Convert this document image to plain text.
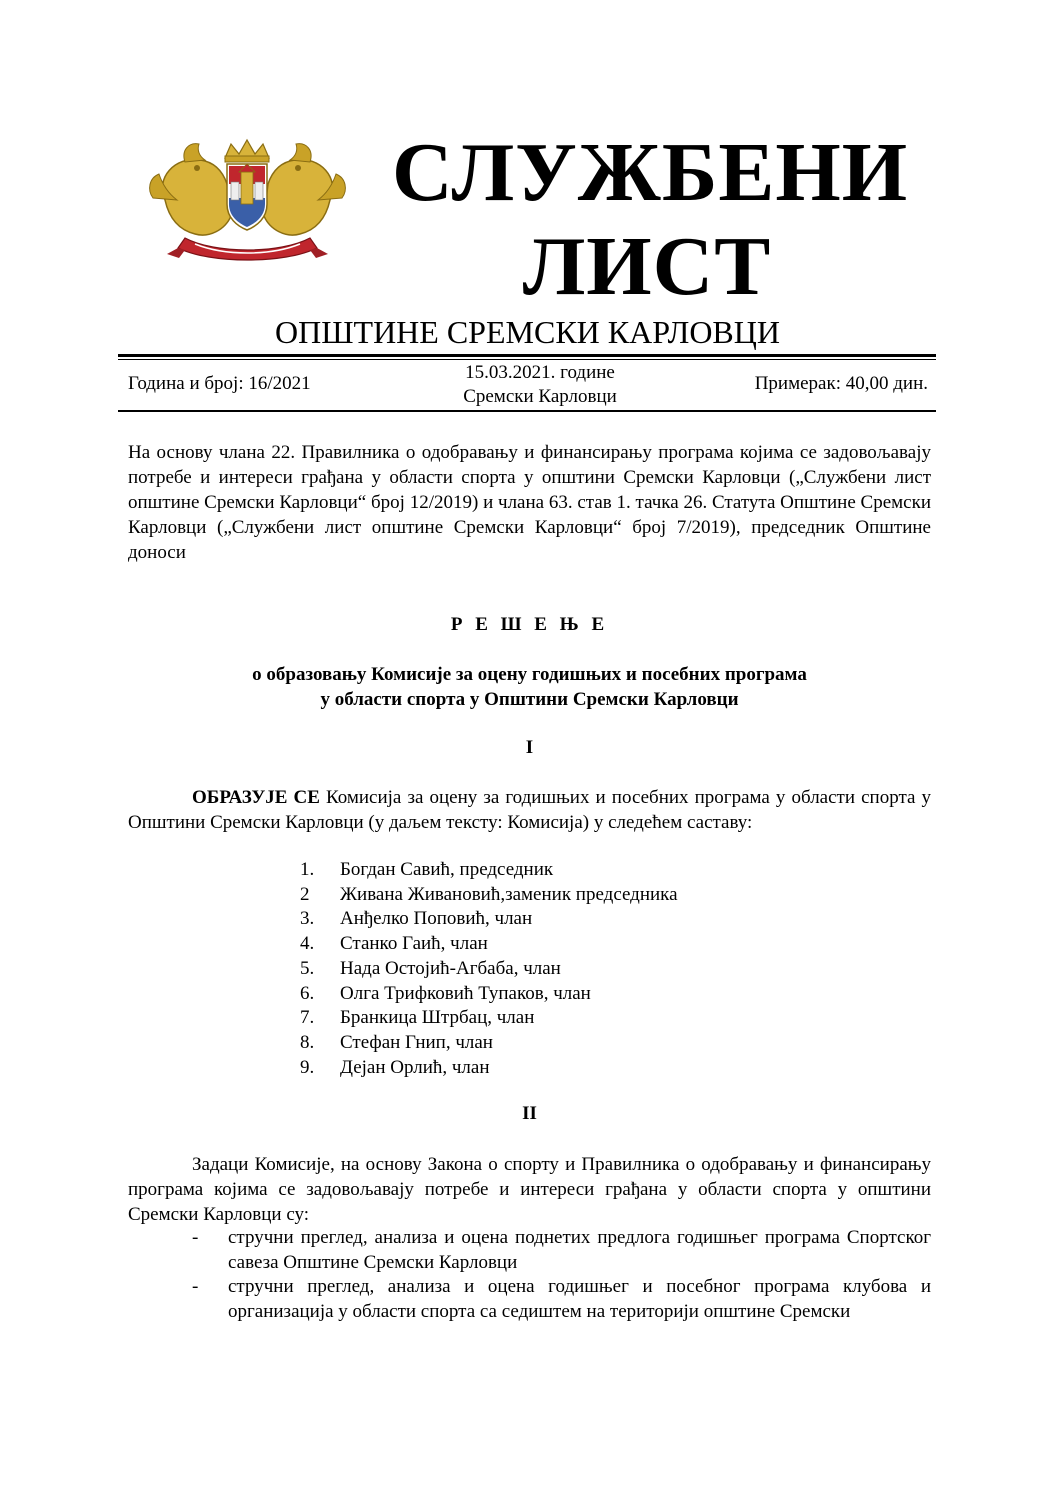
СЛУЖБЕНИ
ЛИСТ
ОПШТИНЕ СРЕМСКИ КАРЛОВЦИ
Година и број: 16/2021
15.03.2021. године
Сремски Карловци
Примерак: 40,00 дин.
На основу члана 22. Правилника о одобравању и финансирању програма којима се задовољавају потребе и интереси грађана у области спорта у општини Сремски Карловци („Службени лист општине Сремски Карловци“ број 12/2019) и члана 63. став 1. тачка 26. Статута Општине Сремски Карловци („Службени лист општине Сремски Карловци“ број 7/2019), председник Општине доноси
Р Е Ш Е Њ Е
о образовању Комисије за оцену годишњих и посебних програма
у области спорта у Општини Сремски Карловци
I
ОБРАЗУЈЕ СЕ Комисија за оцену за годишњих и посебних програма у области спорта у Општини Сремски Карловци (у даљем тексту: Комисија) у следећем саставу:
1.	Богдан Савић, председник
2	Живана Живановић,заменик председника
3.	Анђелко Поповић, члан
4.	Станко Гаић, члан
5.	Нада Остојић-Агбаба, члан
6.	Олга Трифковић Тупаков, члан
7.	Бранкица Штрбац, члан
8.	Стефан Гнип, члан
9.	Дејан Орлић, члан
II
Задаци Комисије, на основу Закона о спорту и Правилника о одобравању и финансирању програма којима се задовољавају потребе и интереси грађана у области спорта у општини Сремски Карловци су:
-	стручни преглед, анализа и оцена поднетих предлога годишњег програма Спортског савеза Општине Сремски Карловци
-	стручни преглед, анализа и оцена годишњег и посебног програма клубова и организација у области спорта са седиштем на територији општине Сремски
